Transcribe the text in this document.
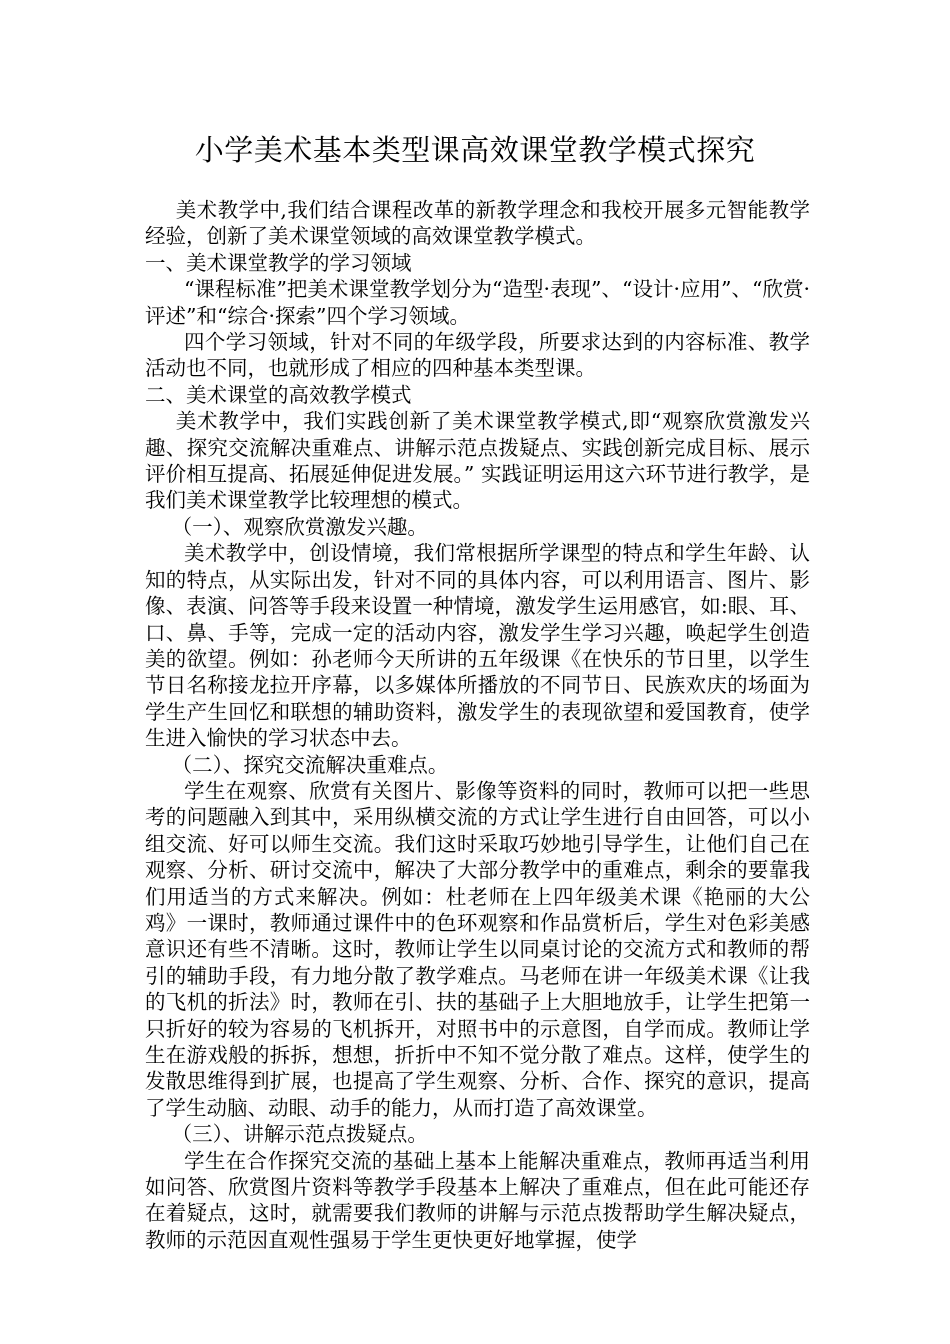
小学美术基本类型课高效课堂教学模式探究

美术教学中,我们结合课程改革的新教学理念和我校开展多元智能教学经验，创新了美术课堂领域的高效课堂教学模式。

一、美术课堂教学的学习领域

“课程标准”把美术课堂教学划分为“造型·表现”、“设计·应用”、“欣赏·评述”和“综合·探索”四个学习领域。

四个学习领域，针对不同的年级学段，所要求达到的内容标准、教学活动也不同，也就形成了相应的四种基本类型课。

二、美术课堂的高效教学模式

美术教学中，我们实践创新了美术课堂教学模式,即“观察欣赏激发兴趣、探究交流解决重难点、讲解示范点拨疑点、实践创新完成目标、展示评价相互提高、拓展延伸促进发展。” 实践证明运用这六环节进行教学，是我们美术课堂教学比较理想的模式。

（一）、观察欣赏激发兴趣。

美术教学中，创设情境，我们常根据所学课型的特点和学生年龄、认知的特点，从实际出发，针对不同的具体内容，可以利用语言、图片、影像、表演、问答等手段来设置一种情境，激发学生运用感官，如:眼、耳、口、鼻、手等，完成一定的活动内容，激发学生学习兴趣，唤起学生创造美的欲望。例如：孙老师今天所讲的五年级课《在快乐的节日里，以学生节日名称接龙拉开序幕，以多媒体所播放的不同节日、民族欢庆的场面为学生产生回忆和联想的辅助资料，激发学生的表现欲望和爱国教育，使学生进入愉快的学习状态中去。

（二）、探究交流解决重难点。

学生在观察、欣赏有关图片、影像等资料的同时，教师可以把一些思考的问题融入到其中，采用纵横交流的方式让学生进行自由回答，可以小组交流、好可以师生交流。我们这时采取巧妙地引导学生，让他们自己在观察、分析、研讨交流中，解决了大部分教学中的重难点，剩余的要靠我们用适当的方式来解决。例如：杜老师在上四年级美术课《艳丽的大公鸡》一课时，教师通过课件中的色环观察和作品赏析后，学生对色彩美感意识还有些不清晰。这时，教师让学生以同桌讨论的交流方式和教师的帮引的辅助手段，有力地分散了教学难点。马老师在讲一年级美术课《让我的飞机的折法》时，教师在引、扶的基础子上大胆地放手，让学生把第一只折好的较为容易的飞机拆开，对照书中的示意图，自学而成。教师让学生在游戏般的拆拆，想想，折折中不知不觉分散了难点。这样，使学生的发散思维得到扩展，也提高了学生观察、分析、合作、探究的意识，提高了学生动脑、动眼、动手的能力，从而打造了高效课堂。

（三）、讲解示范点拨疑点。

学生在合作探究交流的基础上基本上能解决重难点，教师再适当利用如问答、欣赏图片资料等教学手段基本上解决了重难点，但在此可能还存在着疑点，这时，就需要我们教师的讲解与示范点拨帮助学生解决疑点，教师的示范因直观性强易于学生更快更好地掌握，使学
